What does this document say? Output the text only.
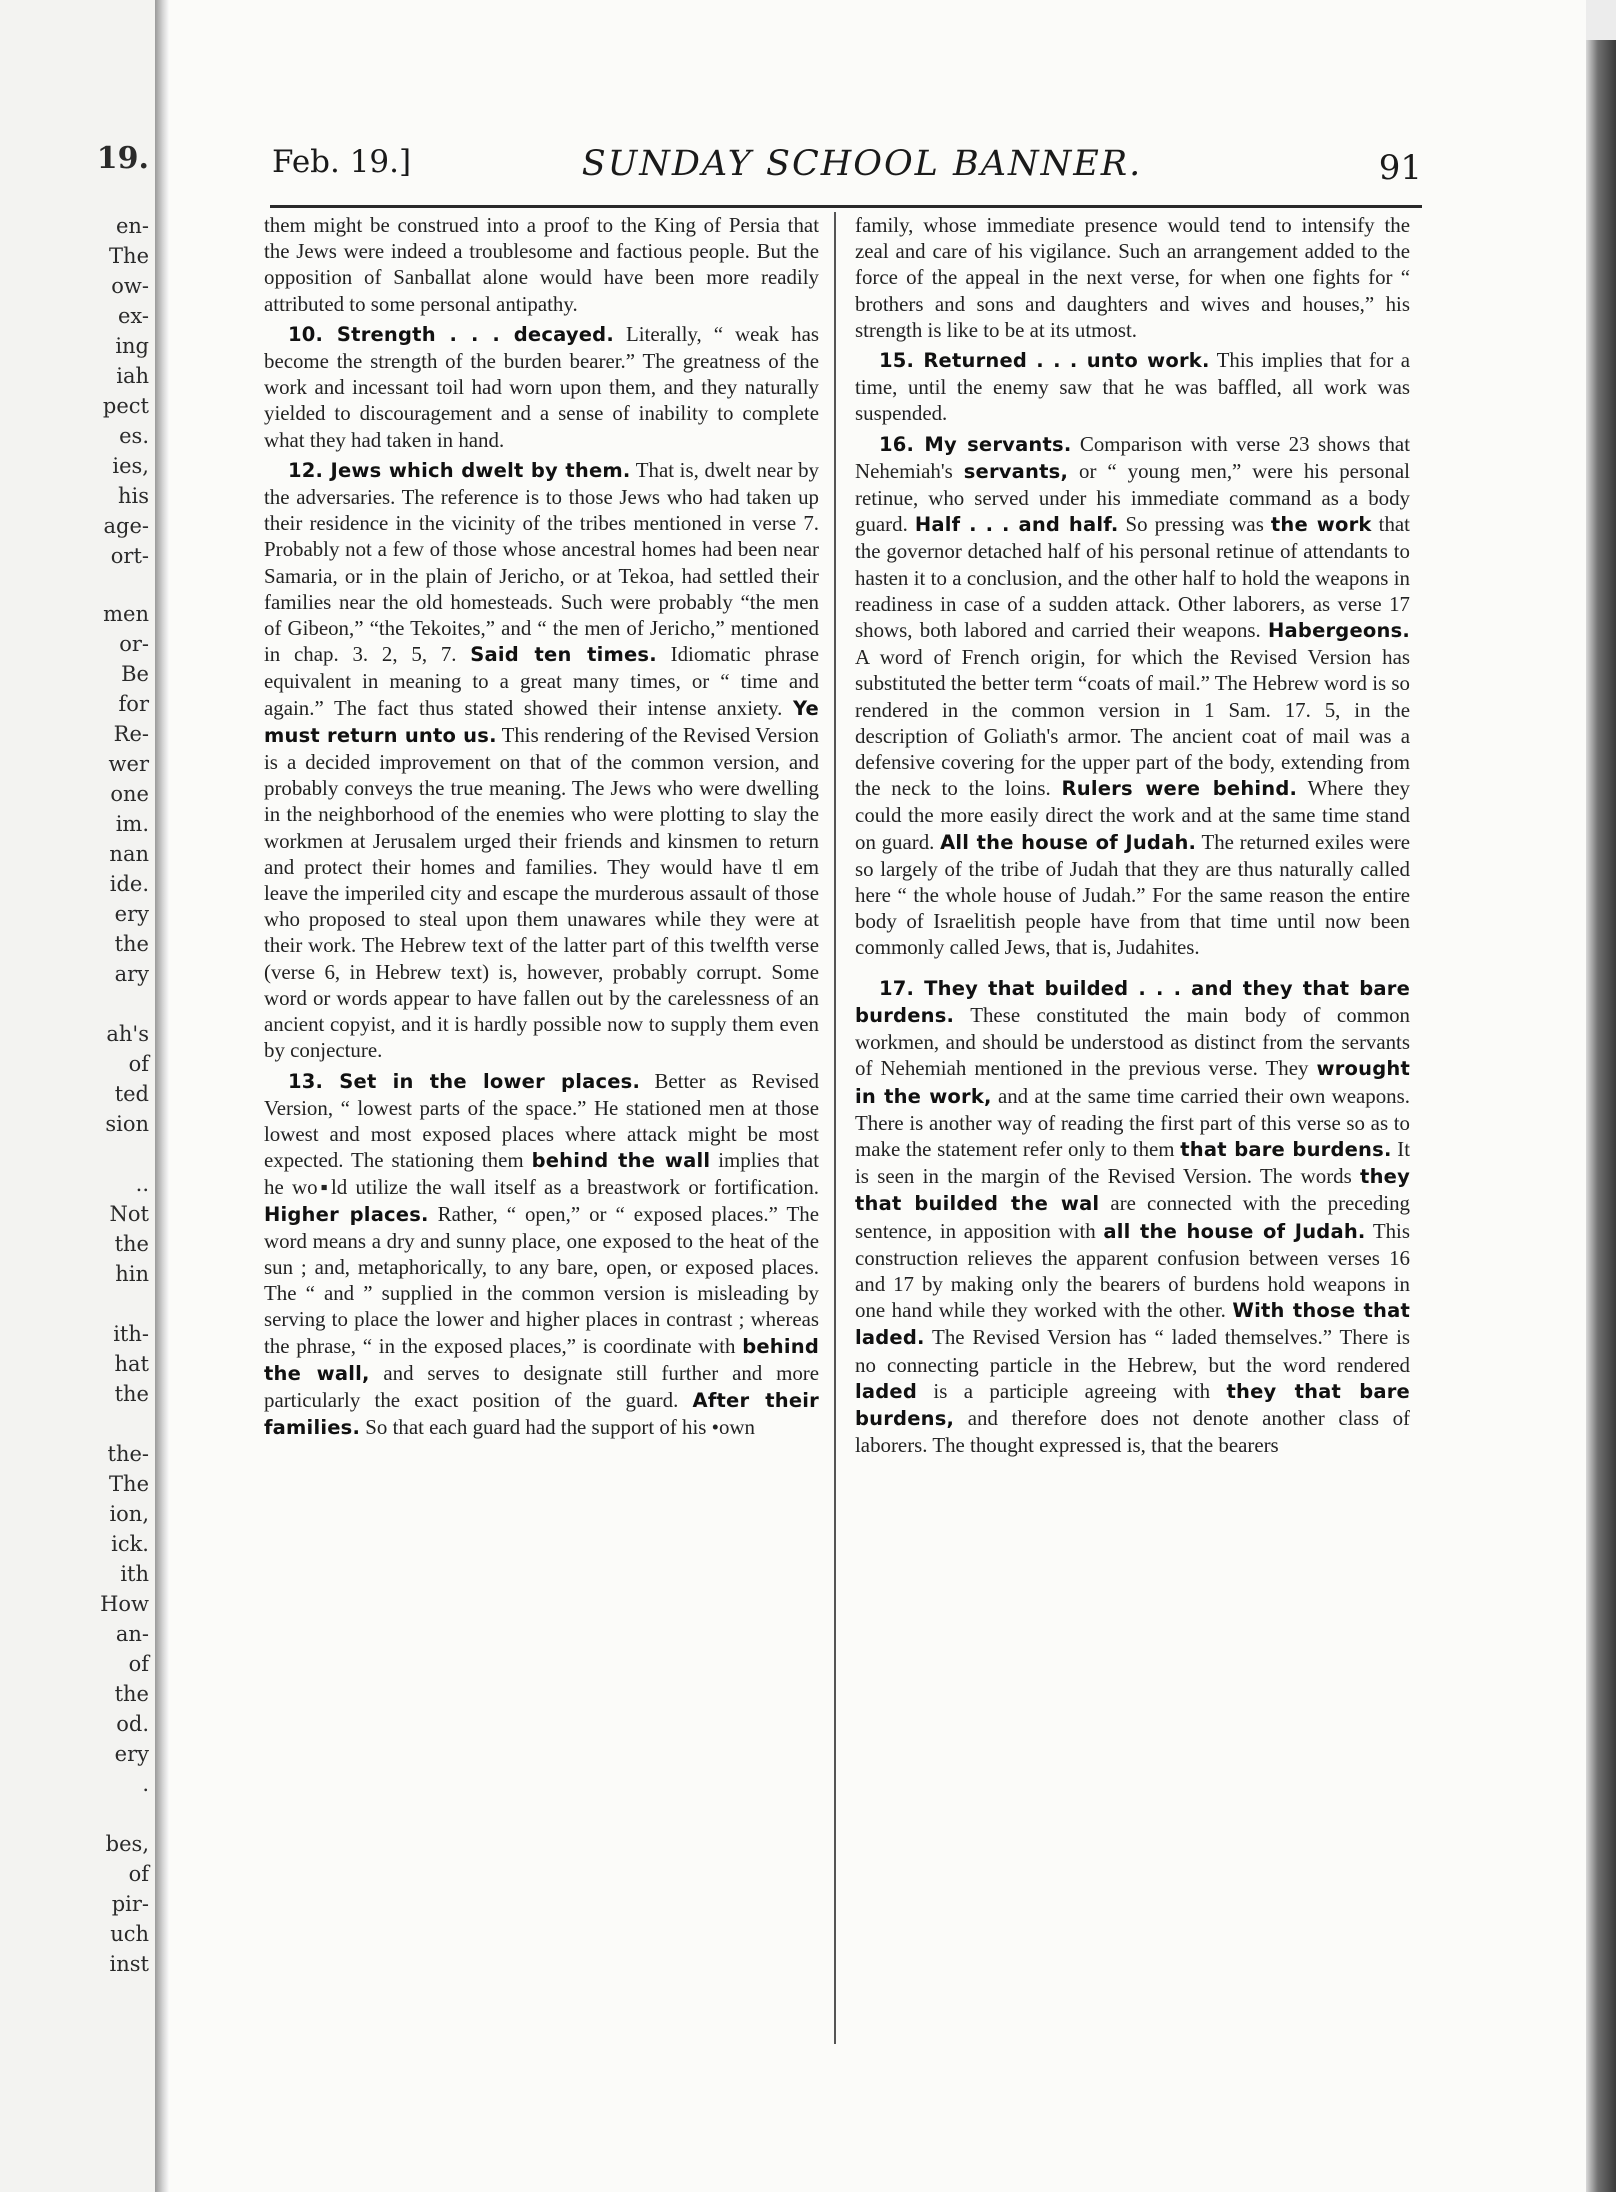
19.
en-
The
ow-
ex-
ing
iah
pect
es.
ies,
his
age-
ort-
men
or-
Be
for
Re-
wer
one
im.
nan
ide.
ery
the
ary
ah's
of
ted
sion
..
Not
the
hin
ith-
hat
the
the-
The
ion,
ick.
ith
How
an-
of
the
od.
ery
.
bes,
of
pir-
uch
inst
Feb. 19.]	SUNDAY SCHOOL BANNER.	91

them might be construed into a proof to the King of Persia that the Jews were indeed a troublesome and factious people. But the opposition of Sanballat alone would have been more readily attributed to some personal antipathy.

10. Strength . . . decayed. Literally, “ weak has become the strength of the burden bearer.” The greatness of the work and incessant toil had worn upon them, and they naturally yielded to discouragement and a sense of inability to complete what they had taken in hand.

12. Jews which dwelt by them. That is, dwelt near by the adversaries. The reference is to those Jews who had taken up their residence in the vicinity of the tribes mentioned in verse 7. Probably not a few of those whose ancestral homes had been near Samaria, or in the plain of Jericho, or at Tekoa, had settled their families near the old homesteads. Such were probably “the men of Gibeon,” “the Tekoites,” and “ the men of Jericho,” mentioned in chap. 3. 2, 5, 7. Said ten times. Idiomatic phrase equivalent in meaning to a great many times, or “ time and again.” The fact thus stated showed their intense anxiety. Ye must return unto us. This rendering of the Revised Version is a decided improvement on that of the common version, and probably conveys the true meaning. The Jews who were dwelling in the neighborhood of the enemies who were plotting to slay the workmen at Jerusalem urged their friends and kinsmen to return and protect their homes and families. They would have tl em leave the imperiled city and escape the murderous assault of those who proposed to steal upon them unawares while they were at their work. The Hebrew text of the latter part of this twelfth verse (verse 6, in Hebrew text) is, however, probably corrupt. Some word or words appear to have fallen out by the carelessness of an ancient copyist, and it is hardly possible now to supply them even by conjecture.

13. Set in the lower places. Better as Revised Version, “ lowest parts of the space.” He stationed men at those lowest and most exposed places where attack might be most expected. The stationing them behind the wall implies that he wo▪ld utilize the wall itself as a breastwork or fortification. Higher places. Rather, “ open,” or “ exposed places.” The word means a dry and sunny place, one exposed to the heat of the sun ; and, metaphorically, to any bare, open, or exposed places. The “ and ” supplied in the common version is misleading by serving to place the lower and higher places in contrast ; whereas the phrase, “ in the exposed places,” is coordinate with behind the wall, and serves to designate still further and more particularly the exact position of the guard. After their families. So that each guard had the support of his •own

family, whose immediate presence would tend to intensify the zeal and care of his vigilance. Such an arrangement added to the force of the appeal in the next verse, for when one fights for “ brothers and sons and daughters and wives and houses,” his strength is like to be at its utmost.

15. Returned . . . unto work. This implies that for a time, until the enemy saw that he was baffled, all work was suspended.

16. My servants. Comparison with verse 23 shows that Nehemiah's servants, or “ young men,” were his personal retinue, who served under his immediate command as a body guard. Half . . . and half. So pressing was the work that the governor detached half of his personal retinue of attendants to hasten it to a conclusion, and the other half to hold the weapons in readiness in case of a sudden attack. Other laborers, as verse 17 shows, both labored and carried their weapons. Habergeons. A word of French origin, for which the Revised Version has substituted the better term “coats of mail.” The Hebrew word is so rendered in the common version in 1 Sam. 17. 5, in the description of Goliath's armor. The ancient coat of mail was a defensive covering for the upper part of the body, extending from the neck to the loins. Rulers were behind. Where they could the more easily direct the work and at the same time stand on guard. All the house of Judah. The returned exiles were so largely of the tribe of Judah that they are thus naturally called here “ the whole house of Judah.” For the same reason the entire body of Israelitish people have from that time until now been commonly called Jews, that is, Judahites.

17. They that builded . . . and they that bare burdens. These constituted the main body of common workmen, and should be understood as distinct from the servants of Nehemiah mentioned in the previous verse. They wrought in the work, and at the same time carried their own weapons. There is another way of reading the first part of this verse so as to make the statement refer only to them that bare burdens. It is seen in the margin of the Revised Version. The words they that builded the wal are connected with the preceding sentence, in apposition with all the house of Judah. This construction relieves the apparent confusion between verses 16 and 17 by making only the bearers of burdens hold weapons in one hand while they worked with the other. With those that laded. The Revised Version has “ laded themselves.” There is no connecting particle in the Hebrew, but the word rendered laded is a participle agreeing with they that bare burdens, and therefore does not denote another class of laborers. The thought expressed is, that the bearers
